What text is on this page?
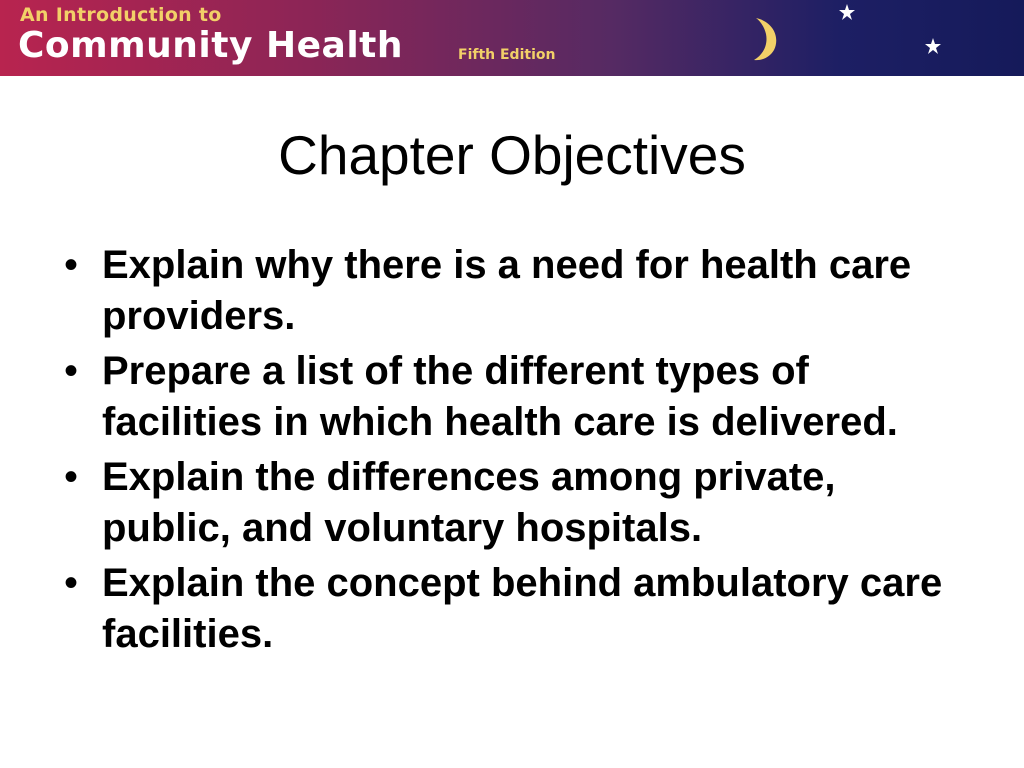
An Introduction to
Community Health	Fifth Edition
Chapter Objectives
• Explain why there is a need for health care providers.
• Prepare a list of the different types of facilities in which health care is delivered.
• Explain the differences among private, public, and voluntary hospitals.
• Explain the concept behind ambulatory care facilities.
